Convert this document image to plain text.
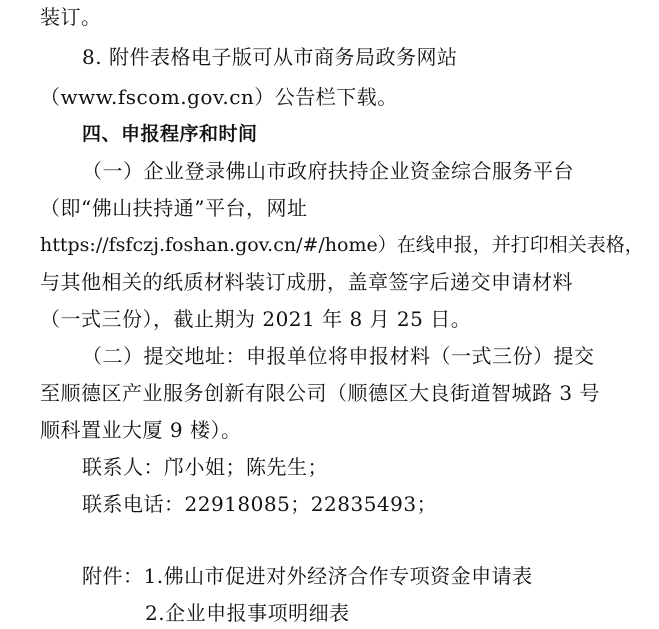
装订。
8. 附件表格电子版可从市商务局政务网站
（www.fscom.gov.cn）公告栏下载。
四、申报程序和时间
（一）企业登录佛山市政府扶持企业资金综合服务平台
（即“佛山扶持通”平台，网址
https://fsfczj.foshan.gov.cn/#/home）在线申报，并打印相关表格，
与其他相关的纸质材料装订成册，盖章签字后递交申请材料
（一式三份），截止期为 2021 年 8 月 25 日。
（二）提交地址：申报单位将申报材料（一式三份）提交
至顺德区产业服务创新有限公司（顺德区大良街道智城路 3 号
顺科置业大厦 9 楼）。
联系人：邝小姐；陈先生；
联系电话：22918085；22835493；
附件：1.佛山市促进对外经济合作专项资金申请表
2.企业申报事项明细表
